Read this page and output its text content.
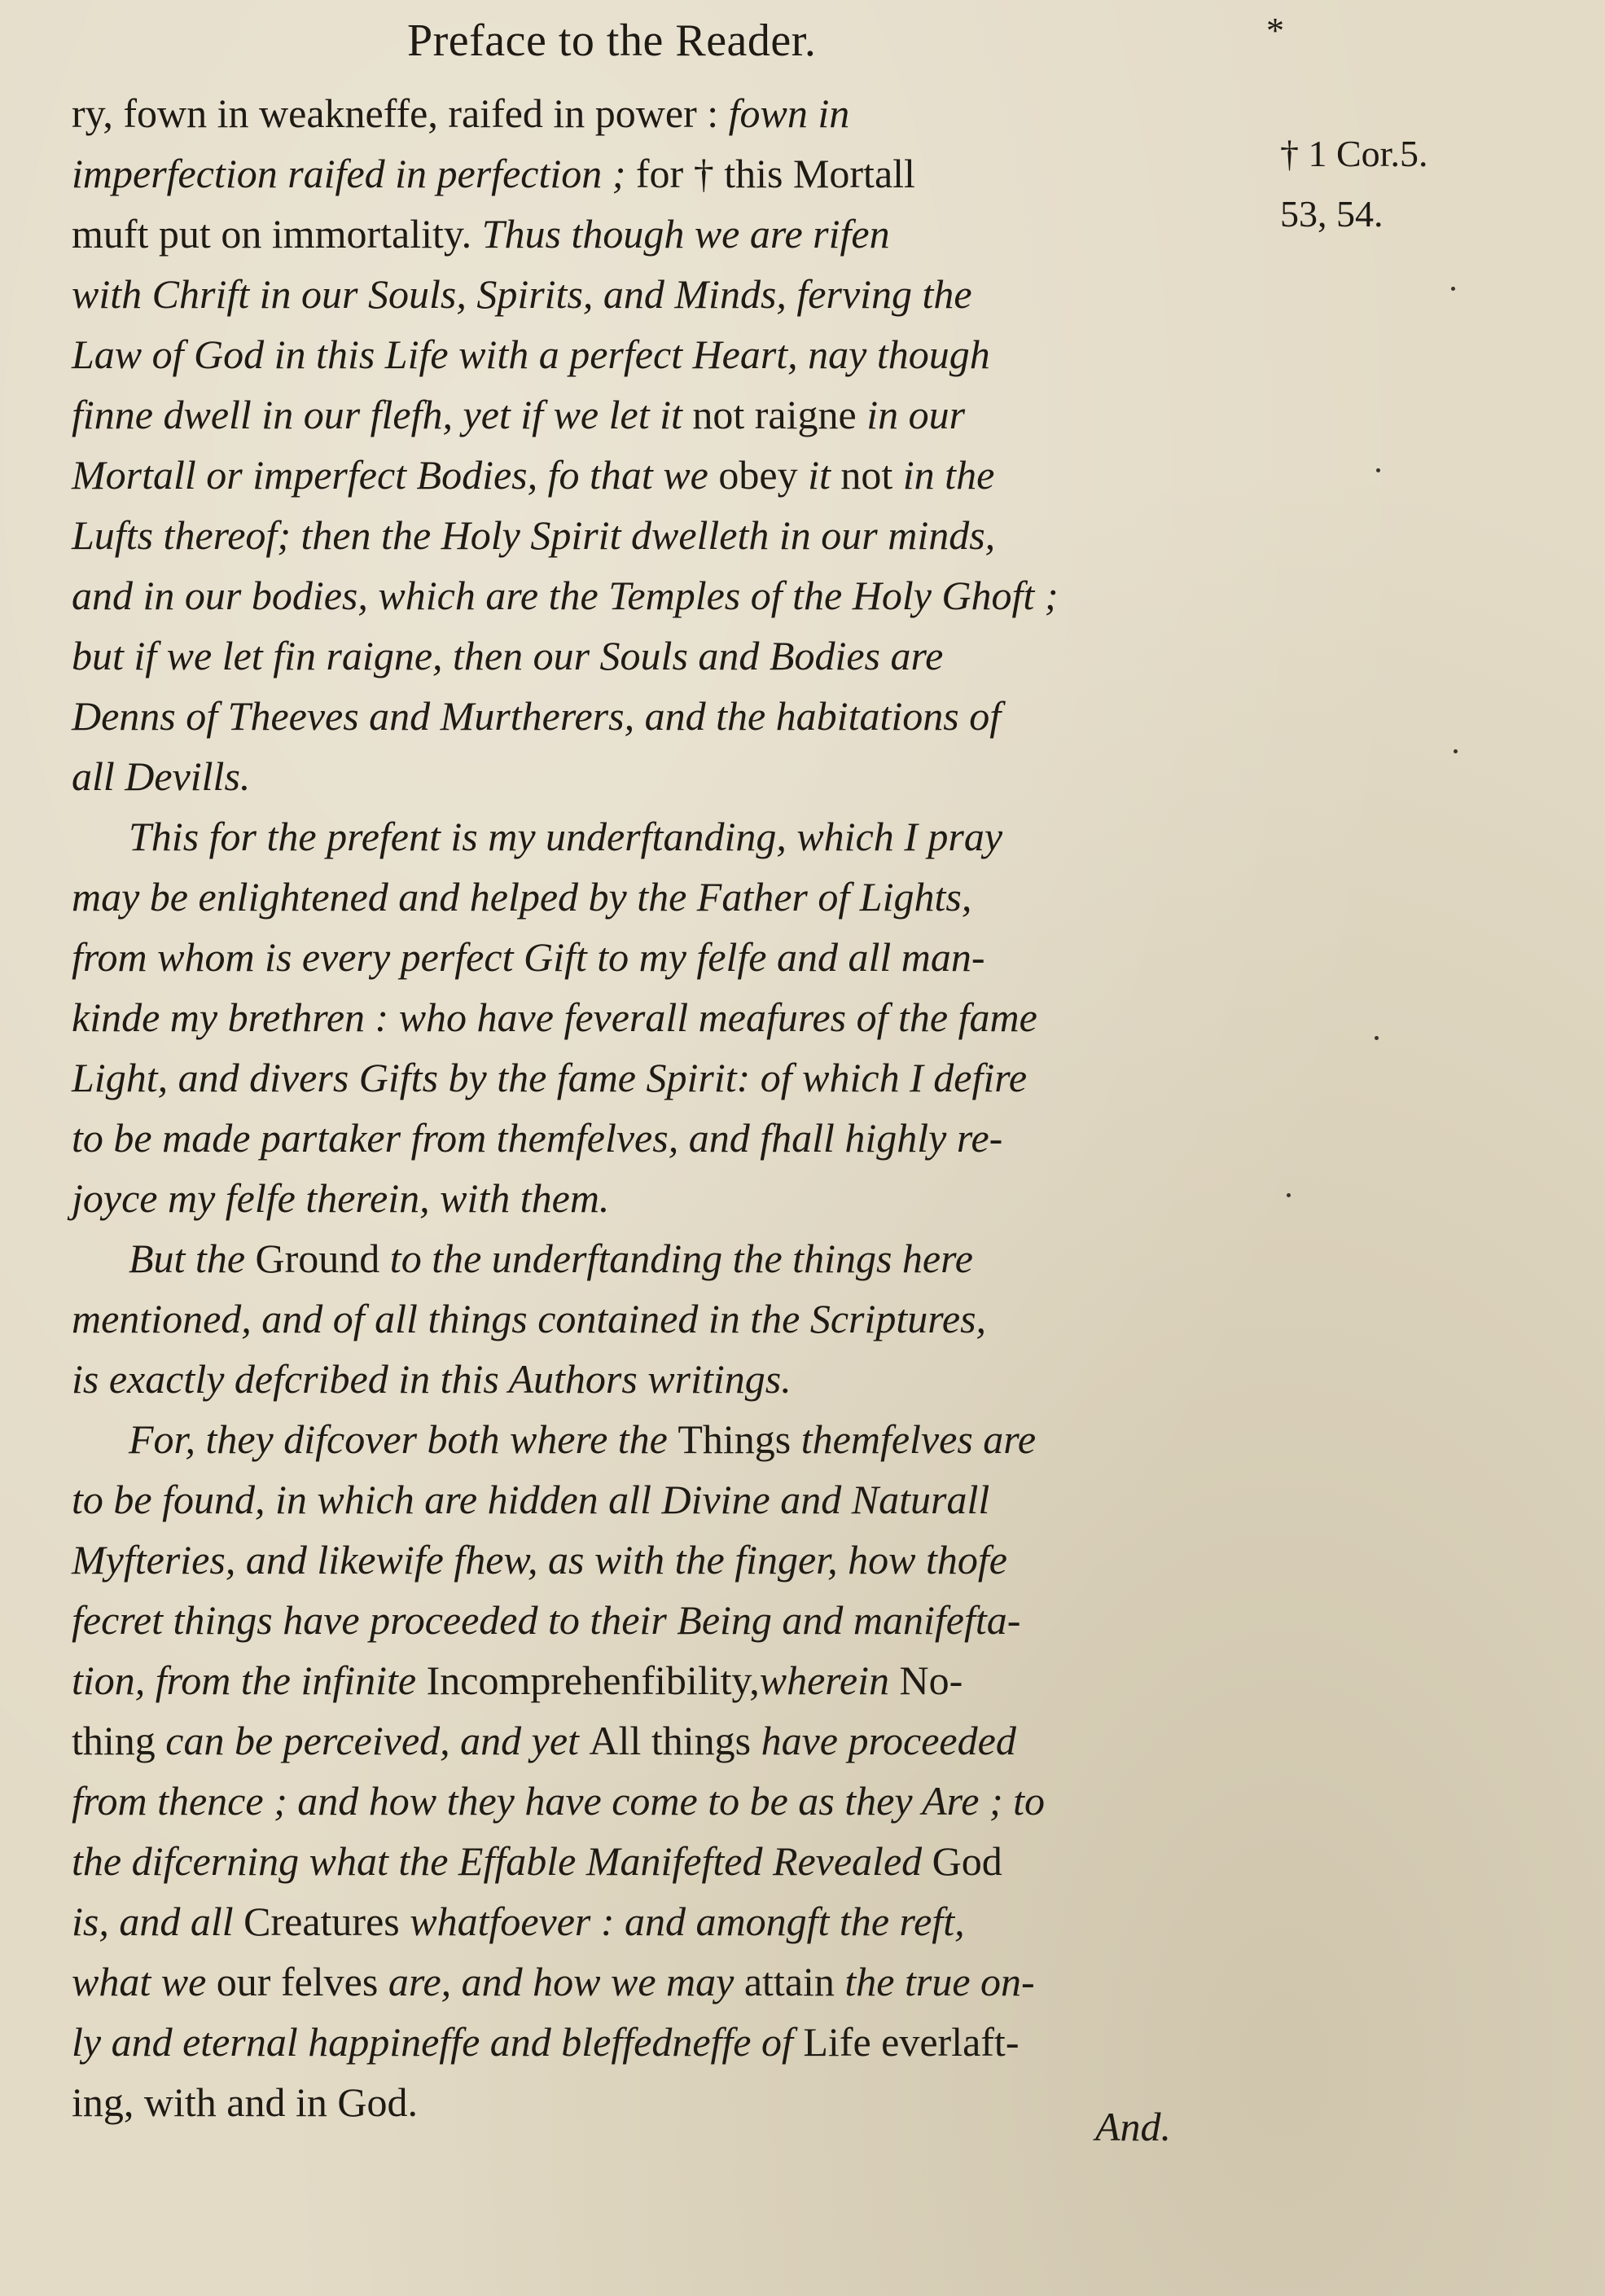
Preface to the Reader.	*
† 1 Cor.5.
53, 54.
ry, fown in weakneffe, raifed in power : fown in
imperfection raifed in perfection ; for † this Mortall
muft put on immortality. Thus though we are rifen
with Chrift in our Souls, Spirits, and Minds, ferving the
Law of God in this Life with a perfect Heart, nay though
finne dwell in our flefh, yet if we let it not raigne in our
Mortall or imperfect Bodies, fo that we obey it not in the
Lufts thereof; then the Holy Spirit dwelleth in our minds,
and in our bodies, which are the Temples of the Holy Ghoft ;
but if we let fin raigne, then our Souls and Bodies are
Denns of Theeves and Murtherers, and the habitations of
all Devills.
This for the prefent is my underftanding, which I pray
may be enlightened and helped by the Father of Lights,
from whom is every perfect Gift to my felfe and all man-
kinde my brethren : who have feverall meafures of the fame
Light, and divers Gifts by the fame Spirit: of which I defire
to be made partaker from themfelves, and fhall highly re-
joyce my felfe therein, with them.
But the Ground to the underftanding the things here
mentioned, and of all things contained in the Scriptures,
is exactly defcribed in this Authors writings.
For, they difcover both where the Things themfelves are
to be found, in which are hidden all Divine and Naturall
Myfteries, and likewife fhew, as with the finger, how thofe
fecret things have proceeded to their Being and manifefta-
tion, from the infinite Incomprehenfibility,wherein No-
thing can be perceived, and yet All things have proceeded
from thence ; and how they have come to be as they Are ; to
the difcerning what the Effable Manifefted Revealed God
is, and all Creatures whatfoever : and amongft the reft,
what we our felves are, and how we may attain the true on-
ly and eternal happineffe and bleffedneffe of Life everlaft-
ing, with and in God.
And.
